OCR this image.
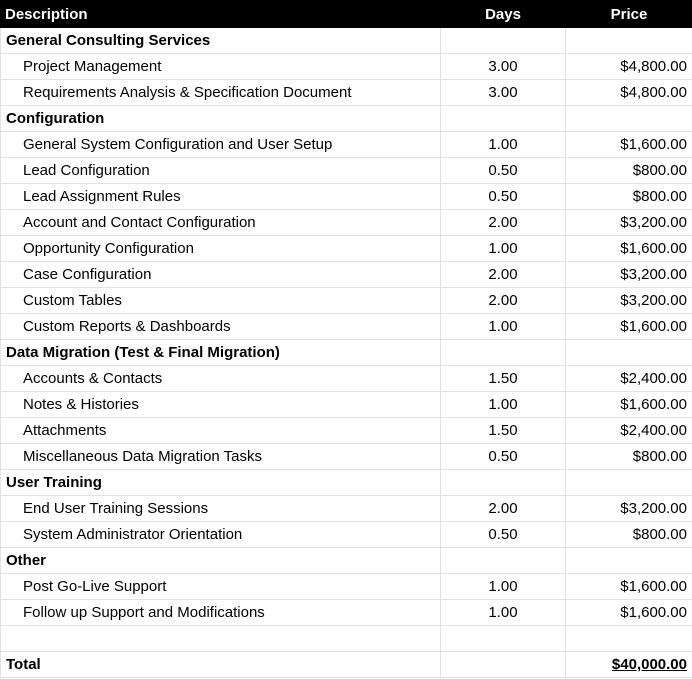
Description	Days	Price
General Consulting Services		
Project Management	3.00	$4,800.00
Requirements Analysis & Specification Document	3.00	$4,800.00
Configuration		
General System Configuration and User Setup	1.00	$1,600.00
Lead Configuration	0.50	$800.00
Lead Assignment Rules	0.50	$800.00
Account and Contact Configuration	2.00	$3,200.00
Opportunity Configuration	1.00	$1,600.00
Case Configuration	2.00	$3,200.00
Custom Tables	2.00	$3,200.00
Custom Reports & Dashboards	1.00	$1,600.00
Data Migration (Test & Final Migration)		
Accounts & Contacts	1.50	$2,400.00
Notes & Histories	1.00	$1,600.00
Attachments	1.50	$2,400.00
Miscellaneous Data Migration Tasks	0.50	$800.00
User Training		
End User Training Sessions	2.00	$3,200.00
System Administrator Orientation	0.50	$800.00
Other		
Post Go-Live Support	1.00	$1,600.00
Follow up Support and Modifications	1.00	$1,600.00

Total		$40,000.00
